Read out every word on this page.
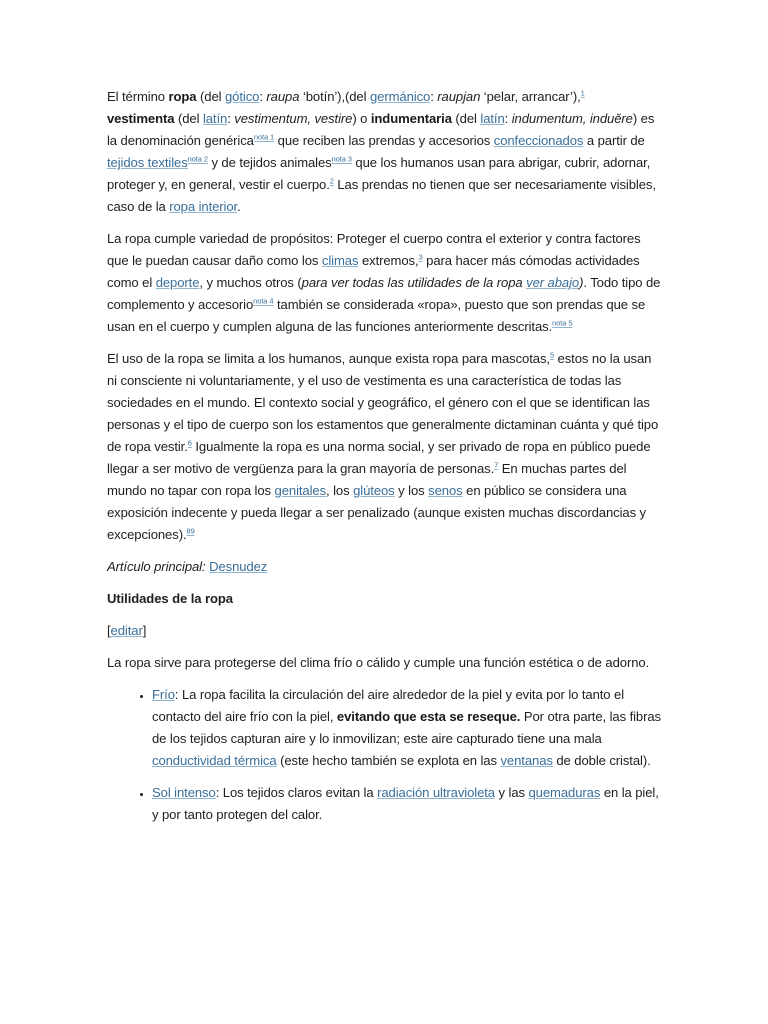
El término ropa (del gótico: raupa ‘botín’),(del germánico: raupjan ‘pelar, arrancar’),$^1$
vestimenta (del latín: vestimentum, vestire) o indumentaria (del latín: indumentum, induĕre) es la denominación genérica$^{nota 1}$ que reciben las prendas y accesorios confeccionados a partir de tejidos textiles$^{nota 2}$ y de tejidos animales$^{nota 3}$ que los humanos usan para abrigar, cubrir, adornar, proteger y, en general, vestir el cuerpo.$^2$ Las prendas no tienen que ser necesariamente visibles, caso de la ropa interior.

La ropa cumple variedad de propósitos: Proteger el cuerpo contra el exterior y contra factores que le puedan causar daño como los climas extremos,$^3$ para hacer más cómodas actividades como el deporte, y muchos otros (para ver todas las utilidades de la ropa ver abajo). Todo tipo de complemento y accesorio$^{nota 4}$ también se considerada «ropa», puesto que son prendas que se usan en el cuerpo y cumplen alguna de las funciones anteriormente descritas.$^{nota 5}$

El uso de la ropa se limita a los humanos, aunque exista ropa para mascotas,$^5$ estos no la usan ni consciente ni voluntariamente, y el uso de vestimenta es una característica de todas las sociedades en el mundo. El contexto social y geográfico, el género con el que se identifican las personas y el tipo de cuerpo son los estamentos que generalmente dictaminan cuánta y qué tipo de ropa vestir.$^6$ Igualmente la ropa es una norma social, y ser privado de ropa en público puede llegar a ser motivo de vergüenza para la gran mayoría de personas.$^7$ En muchas partes del mundo no tapar con ropa los genitales, los glúteos y los senos en público se considera una exposición indecente y pueda llegar a ser penalizado (aunque existen muchas discordancias y excepciones).$^{89}$

Artículo principal: Desnudez

Utilidades de la ropa

[editar]

La ropa sirve para protegerse del clima frío o cálido y cumple una función estética o de adorno.

• Frío: La ropa facilita la circulación del aire alrededor de la piel y evita por lo tanto el contacto del aire frío con la piel, evitando que esta se reseque. Por otra parte, las fibras de los tejidos capturan aire y lo inmovilizan; este aire capturado tiene una mala conductividad térmica (este hecho también se explota en las ventanas de doble cristal).
• Sol intenso: Los tejidos claros evitan la radiación ultravioleta y las quemaduras en la piel, y por tanto protegen del calor.
